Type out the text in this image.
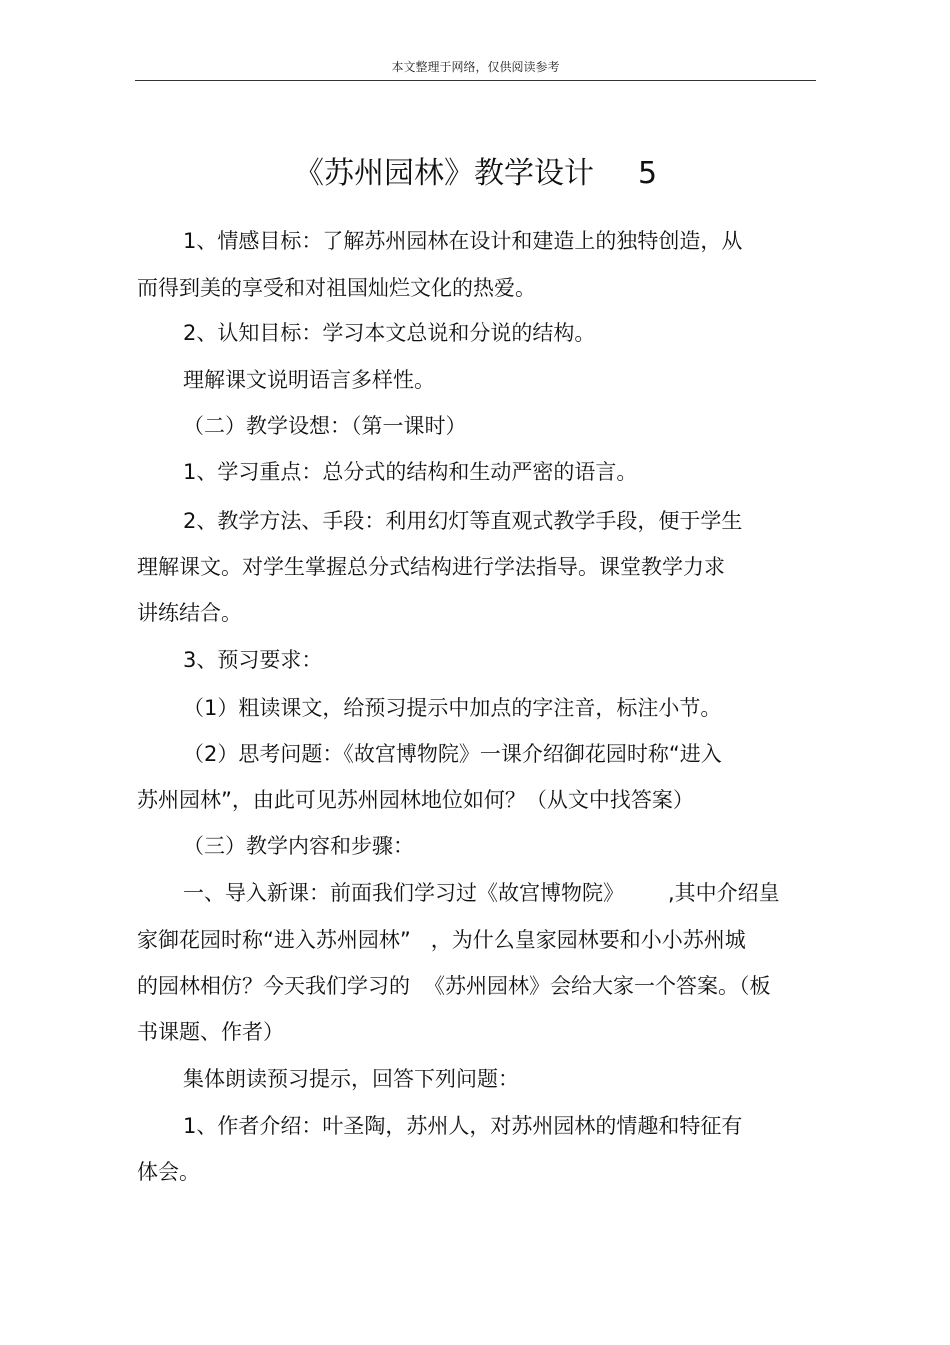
本文整理于网络，仅供阅读参考
《苏州园林》教学设计 5
1、情感目标：了解苏州园林在设计和建造上的独特创造，从
而得到美的享受和对祖国灿烂文化的热爱。
2、认知目标：学习本文总说和分说的结构。
理解课文说明语言多样性。
（二）教学设想：（第一课时）
1、学习重点：总分式的结构和生动严密的语言。
2、教学方法、手段：利用幻灯等直观式教学手段，便于学生
理解课文。对学生掌握总分式结构进行学法指导。课堂教学力求
讲练结合。
3、预习要求：
（1）粗读课文，给预习提示中加点的字注音，标注小节。
（2）思考问题：《故宫博物院》一课介绍御花园时称“进入
苏州园林”，由此可见苏州园林地位如何？（从文中找答案）
（三）教学内容和步骤：
一、导入新课：前面我们学习过《故宫博物院》 ,其中介绍皇
家御花园时称“进入苏州园林” ，为什么皇家园林要和小小苏州城
的园林相仿？今天我们学习的 《苏州园林》会给大家一个答案。（板
书课题、作者）
集体朗读预习提示，回答下列问题：
1、作者介绍：叶圣陶，苏州人，对苏州园林的情趣和特征有
体会。
